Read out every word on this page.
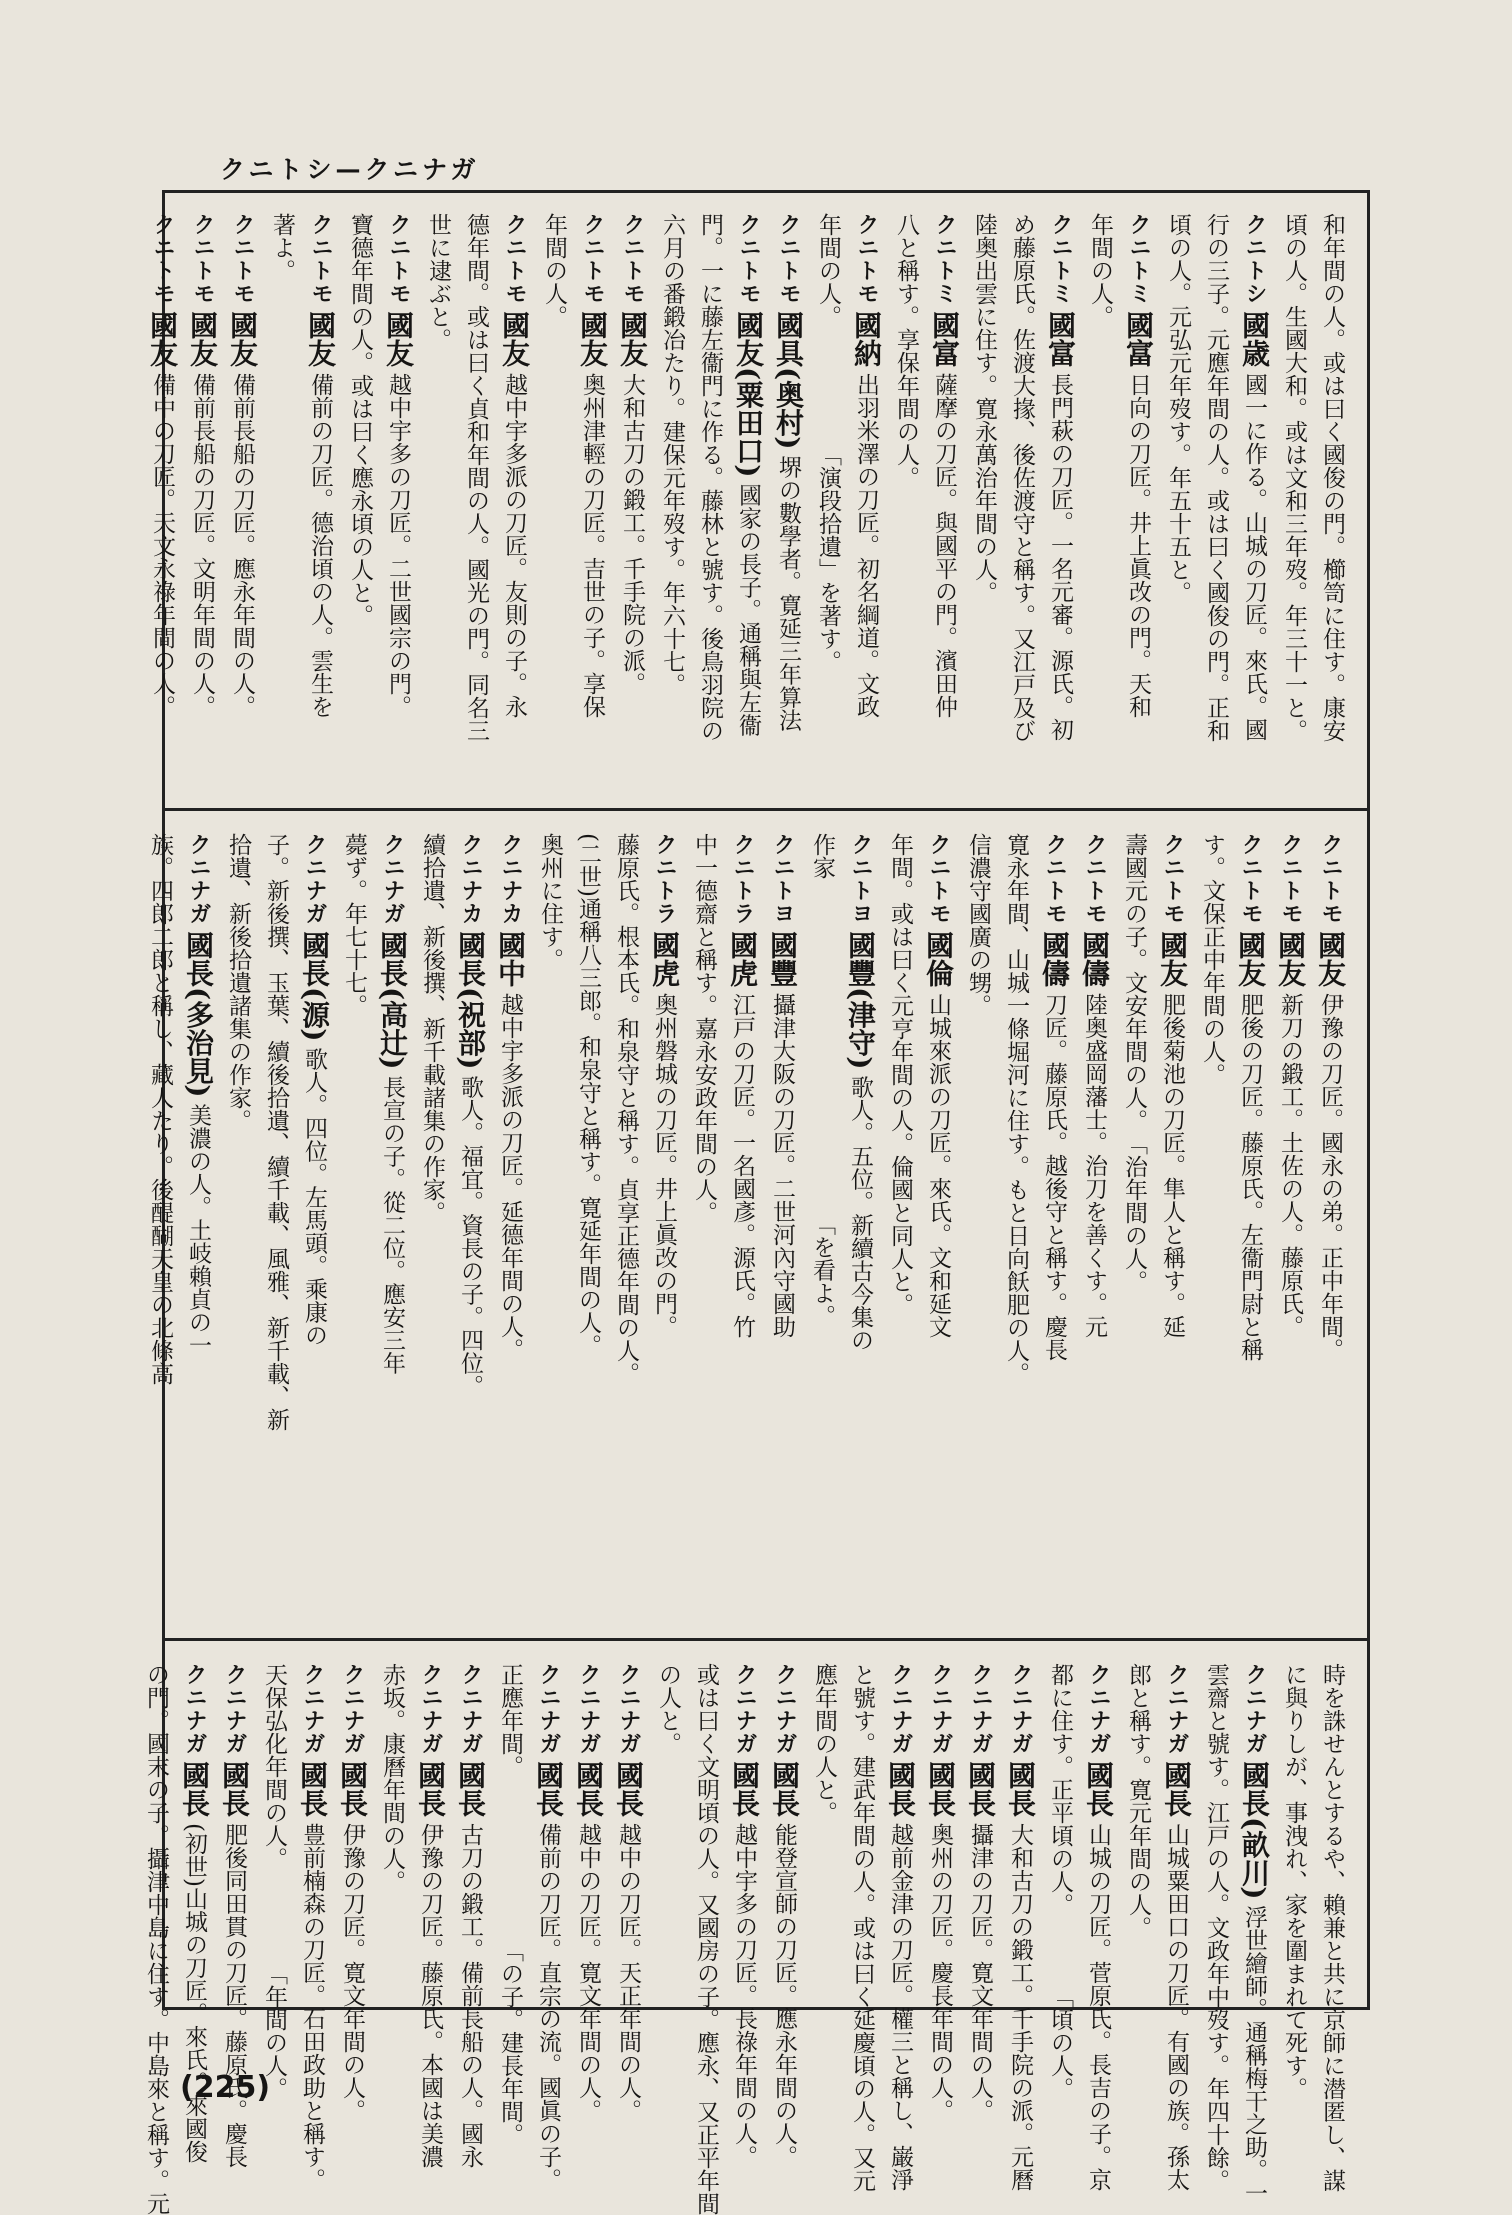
クニトシ—クニナガ
和年間の人。或は曰く國俊の門。櫛笥に住す。康安
頃の人。生國大和。或は文和三年歿。年三十一と。
クニトシ國歳國一に作る。山城の刀匠。來氏。國
行の三子。元應年間の人。或は曰く國俊の門。正和
頃の人。元弘元年歿す。年五十五と。
クニトミ國富日向の刀匠。井上眞改の門。天和
年間の人。
クニトミ國富長門萩の刀匠。一名元審。源氏。初
め藤原氏。佐渡大掾、後佐渡守と稱す。又江戸及び
陸奥出雲に住す。寛永萬治年間の人。
クニトミ國富薩摩の刀匠。與國平の門。濱田仲
八と稱す。享保年間の人。
クニトモ國納出羽米澤の刀匠。初名綱道。文政
年間の人。　　　　　　「演段拾遺」を著す。
クニトモ國具(奥村)堺の數學者。寛延三年算法
クニトモ國友(粟田口)國家の長子。通稱與左衞
門。一に藤左衞門に作る。藤林と號す。後鳥羽院の
六月の番鍛冶たり。建保元年歿す。年六十七。
クニトモ國友大和古刀の鍛工。千手院の派。
クニトモ國友奥州津輕の刀匠。吉世の子。享保
年間の人。
クニトモ國友越中宇多派の刀匠。友則の子。永
德年間。或は曰く貞和年間の人。國光の門。同名三
世に逮ぶと。
クニトモ國友越中宇多の刀匠。二世國宗の門。
寶德年間の人。或は曰く應永頃の人と。
クニトモ國友備前の刀匠。德治頃の人。雲生を
著よ。
クニトモ國友備前長船の刀匠。應永年間の人。
クニトモ國友備前長船の刀匠。文明年間の人。
クニトモ國友備中の刀匠。天文永祿年間の人。
クニトモ國友伊豫の刀匠。國永の弟。正中年間。
クニトモ國友新刀の鍛工。土佐の人。藤原氏。
クニトモ國友肥後の刀匠。藤原氏。左衞門尉と稱
す。文保正中年間の人。
クニトモ國友肥後菊池の刀匠。隼人と稱す。延
壽國元の子。文安年間の人。　「治年間の人。
クニトモ國儔陸奥盛岡藩士。治刀を善くす。元
クニトモ國儔刀匠。藤原氏。越後守と稱す。慶長
寛永年間、山城一條堀河に住す。もと日向飫肥の人。
信濃守國廣の甥。
クニトモ國倫山城來派の刀匠。來氏。文和延文
年間。或は曰く元亨年間の人。倫國と同人と。
クニトヨ國豐(津守)歌人。五位。新續古今集の
作家　　　　　　　　　　　　　　　「を看よ。
クニトヨ國豐攝津大阪の刀匠。二世河內守國助
クニトラ國虎江戸の刀匠。一名國彥。源氏。竹
中一德齋と稱す。嘉永安政年間の人。
クニトラ國虎奥州磐城の刀匠。井上眞改の門。
藤原氏。根本氏。和泉守と稱す。貞享正德年間の人。
(二世)通稱八三郎。和泉守と稱す。寛延年間の人。
奥州に住す。
クニナカ國中越中宇多派の刀匠。延德年間の人。
クニナカ國長(祝部)歌人。福宜。資長の子。四位。
續拾遺、新後撰、新千載諸集の作家。
クニナガ國長(高辻)長宣の子。從二位。應安三年
薨ず。年七十七。
クニナガ國長(源)歌人。四位。左馬頭。乘康の
子。新後撰、玉葉、續後拾遺、續千載、風雅、新千載、新
拾遺、新後拾遺諸集の作家。
クニナガ國長(多治見)美濃の人。土岐賴貞の一
族。四郎二郎と稱し、藏人たり。後醍醐天皇の北條高
時を誅せんとするや、賴兼と共に京師に潜匿し、謀
に與りしが、事洩れ、家を圍まれて死す。
クニナガ國長(畝川)浮世繪師。通稱梅干之助。一
雲齋と號す。江戸の人。文政年中歿す。年四十餘。
クニナガ國長山城粟田口の刀匠。有國の族。孫太
郎と稱す。寛元年間の人。
クニナガ國長山城の刀匠。菅原氏。長吉の子。京
都に住す。正平頃の人。　　　　「頃の人。
クニナガ國長大和古刀の鍛工。千手院の派。元曆
クニナガ國長攝津の刀匠。寛文年間の人。
クニナガ國長奥州の刀匠。慶長年間の人。
クニナガ國長越前金津の刀匠。權三と稱し、巌淨
と號す。建武年間の人。或は曰く延慶頃の人。又元
應年間の人と。
クニナガ國長能登宣師の刀匠。應永年間の人。
クニナガ國長越中宇多の刀匠。長祿年間の人。
或は曰く文明頃の人。又國房の子。應永、又正平年間
の人と。
クニナガ國長越中の刀匠。天正年間の人。
クニナガ國長越中の刀匠。寛文年間の人。
クニナガ國長備前の刀匠。直宗の流。國眞の子。
正應年間。　　　　　　　　「の子。建長年間。
クニナガ國長古刀の鍛工。備前長船の人。國永
クニナガ國長伊豫の刀匠。藤原氏。本國は美濃
赤坂。康曆年間の人。
クニナガ國長伊豫の刀匠。寛文年間の人。
クニナガ國長豊前楠森の刀匠。石田政助と稱す。
天保弘化年間の人。　　　　　「年間の人。
クニナガ國長肥後同田貫の刀匠。藤原氏。慶長
クニナガ國長(初世)山城の刀匠。來氏。來國俊
の門。國末の子。攝津中島に住す。中島來と稱す。元 (225)
